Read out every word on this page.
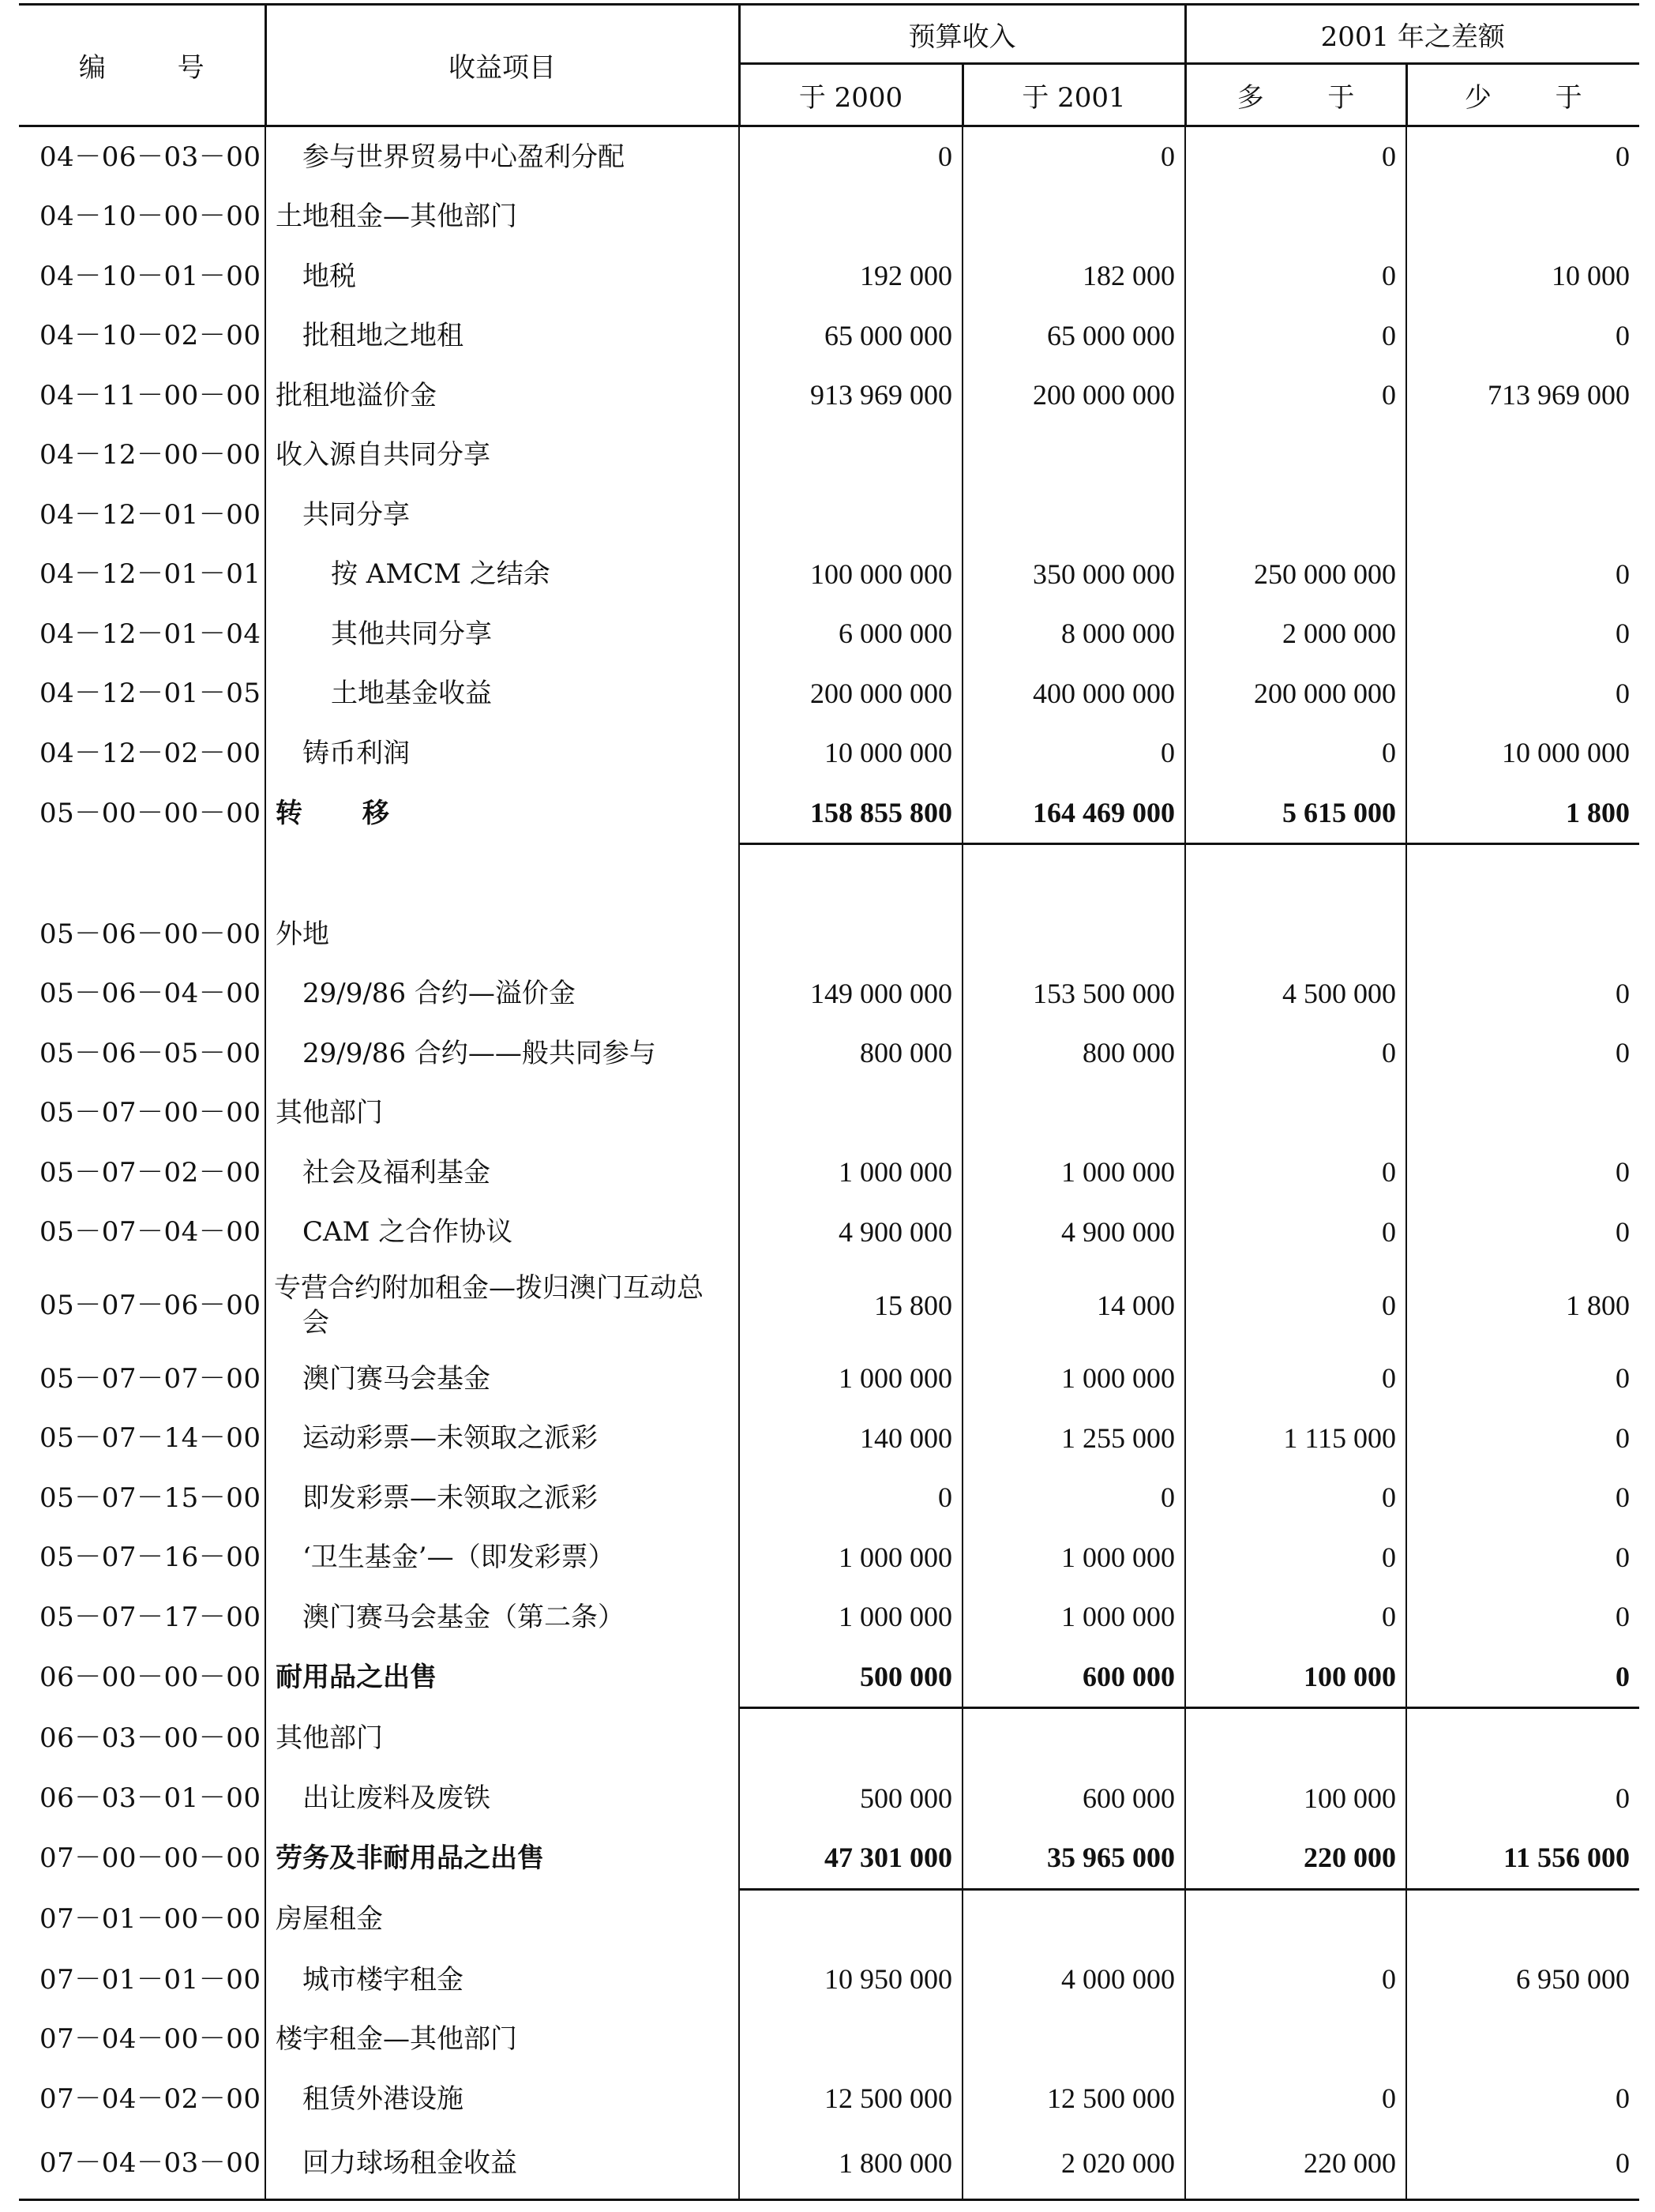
编 号	收益项目	预算收入		2001 年之差额	
		于 2000	于 2001	多 于	少 于
04－06－03－00	参与世界贸易中心盈利分配	0	0	0	0
04－10－00－00	土地租金—其他部门				
04－10－01－00	地税	192 000	182 000	0	10 000
04－10－02－00	批租地之地租	65 000 000	65 000 000	0	0
04－11－00－00	批租地溢价金	913 969 000	200 000 000	0	713 969 000
04－12－00－00	收入源自共同分享				
04－12－01－00	共同分享				
04－12－01－01	按 AMCM 之结余	100 000 000	350 000 000	250 000 000	0
04－12－01－04	其他共同分享	6 000 000	8 000 000	2 000 000	0
04－12－01－05	土地基金收益	200 000 000	400 000 000	200 000 000	0
04－12－02－00	铸币利润	10 000 000	0	0	10 000 000
05－00－00－00	转 移	158 855 800	164 469 000	5 615 000	1 800

05－06－00－00	外地				
05－06－04－00	29/9/86 合约—溢价金	149 000 000	153 500 000	4 500 000	0
05－06－05－00	29/9/86 合约——般共同参与	800 000	800 000	0	0
05－07－00－00	其他部门				
05－07－02－00	社会及福利基金	1 000 000	1 000 000	0	0
05－07－04－00	CAM 之合作协议	4 900 000	4 900 000	0	0
05－07－06－00	专营合约附加租金—拨归澳门互动总会	15 800	14 000	0	1 800
05－07－07－00	澳门赛马会基金	1 000 000	1 000 000	0	0
05－07－14－00	运动彩票—未领取之派彩	140 000	1 255 000	1 115 000	0
05－07－15－00	即发彩票—未领取之派彩	0	0	0	0
05－07－16－00	‘卫生基金’—（即发彩票）	1 000 000	1 000 000	0	0
05－07－17－00	澳门赛马会基金（第二条）	1 000 000	1 000 000	0	0
06－00－00－00	耐用品之出售	500 000	600 000	100 000	0
06－03－00－00	其他部门				
06－03－01－00	出让废料及废铁	500 000	600 000	100 000	0
07－00－00－00	劳务及非耐用品之出售	47 301 000	35 965 000	220 000	11 556 000
07－01－00－00	房屋租金				
07－01－01－00	城市楼宇租金	10 950 000	4 000 000	0	6 950 000
07－04－00－00	楼宇租金—其他部门				
07－04－02－00	租赁外港设施	12 500 000	12 500 000	0	0
07－04－03－00	回力球场租金收益	1 800 000	2 020 000	220 000	0
